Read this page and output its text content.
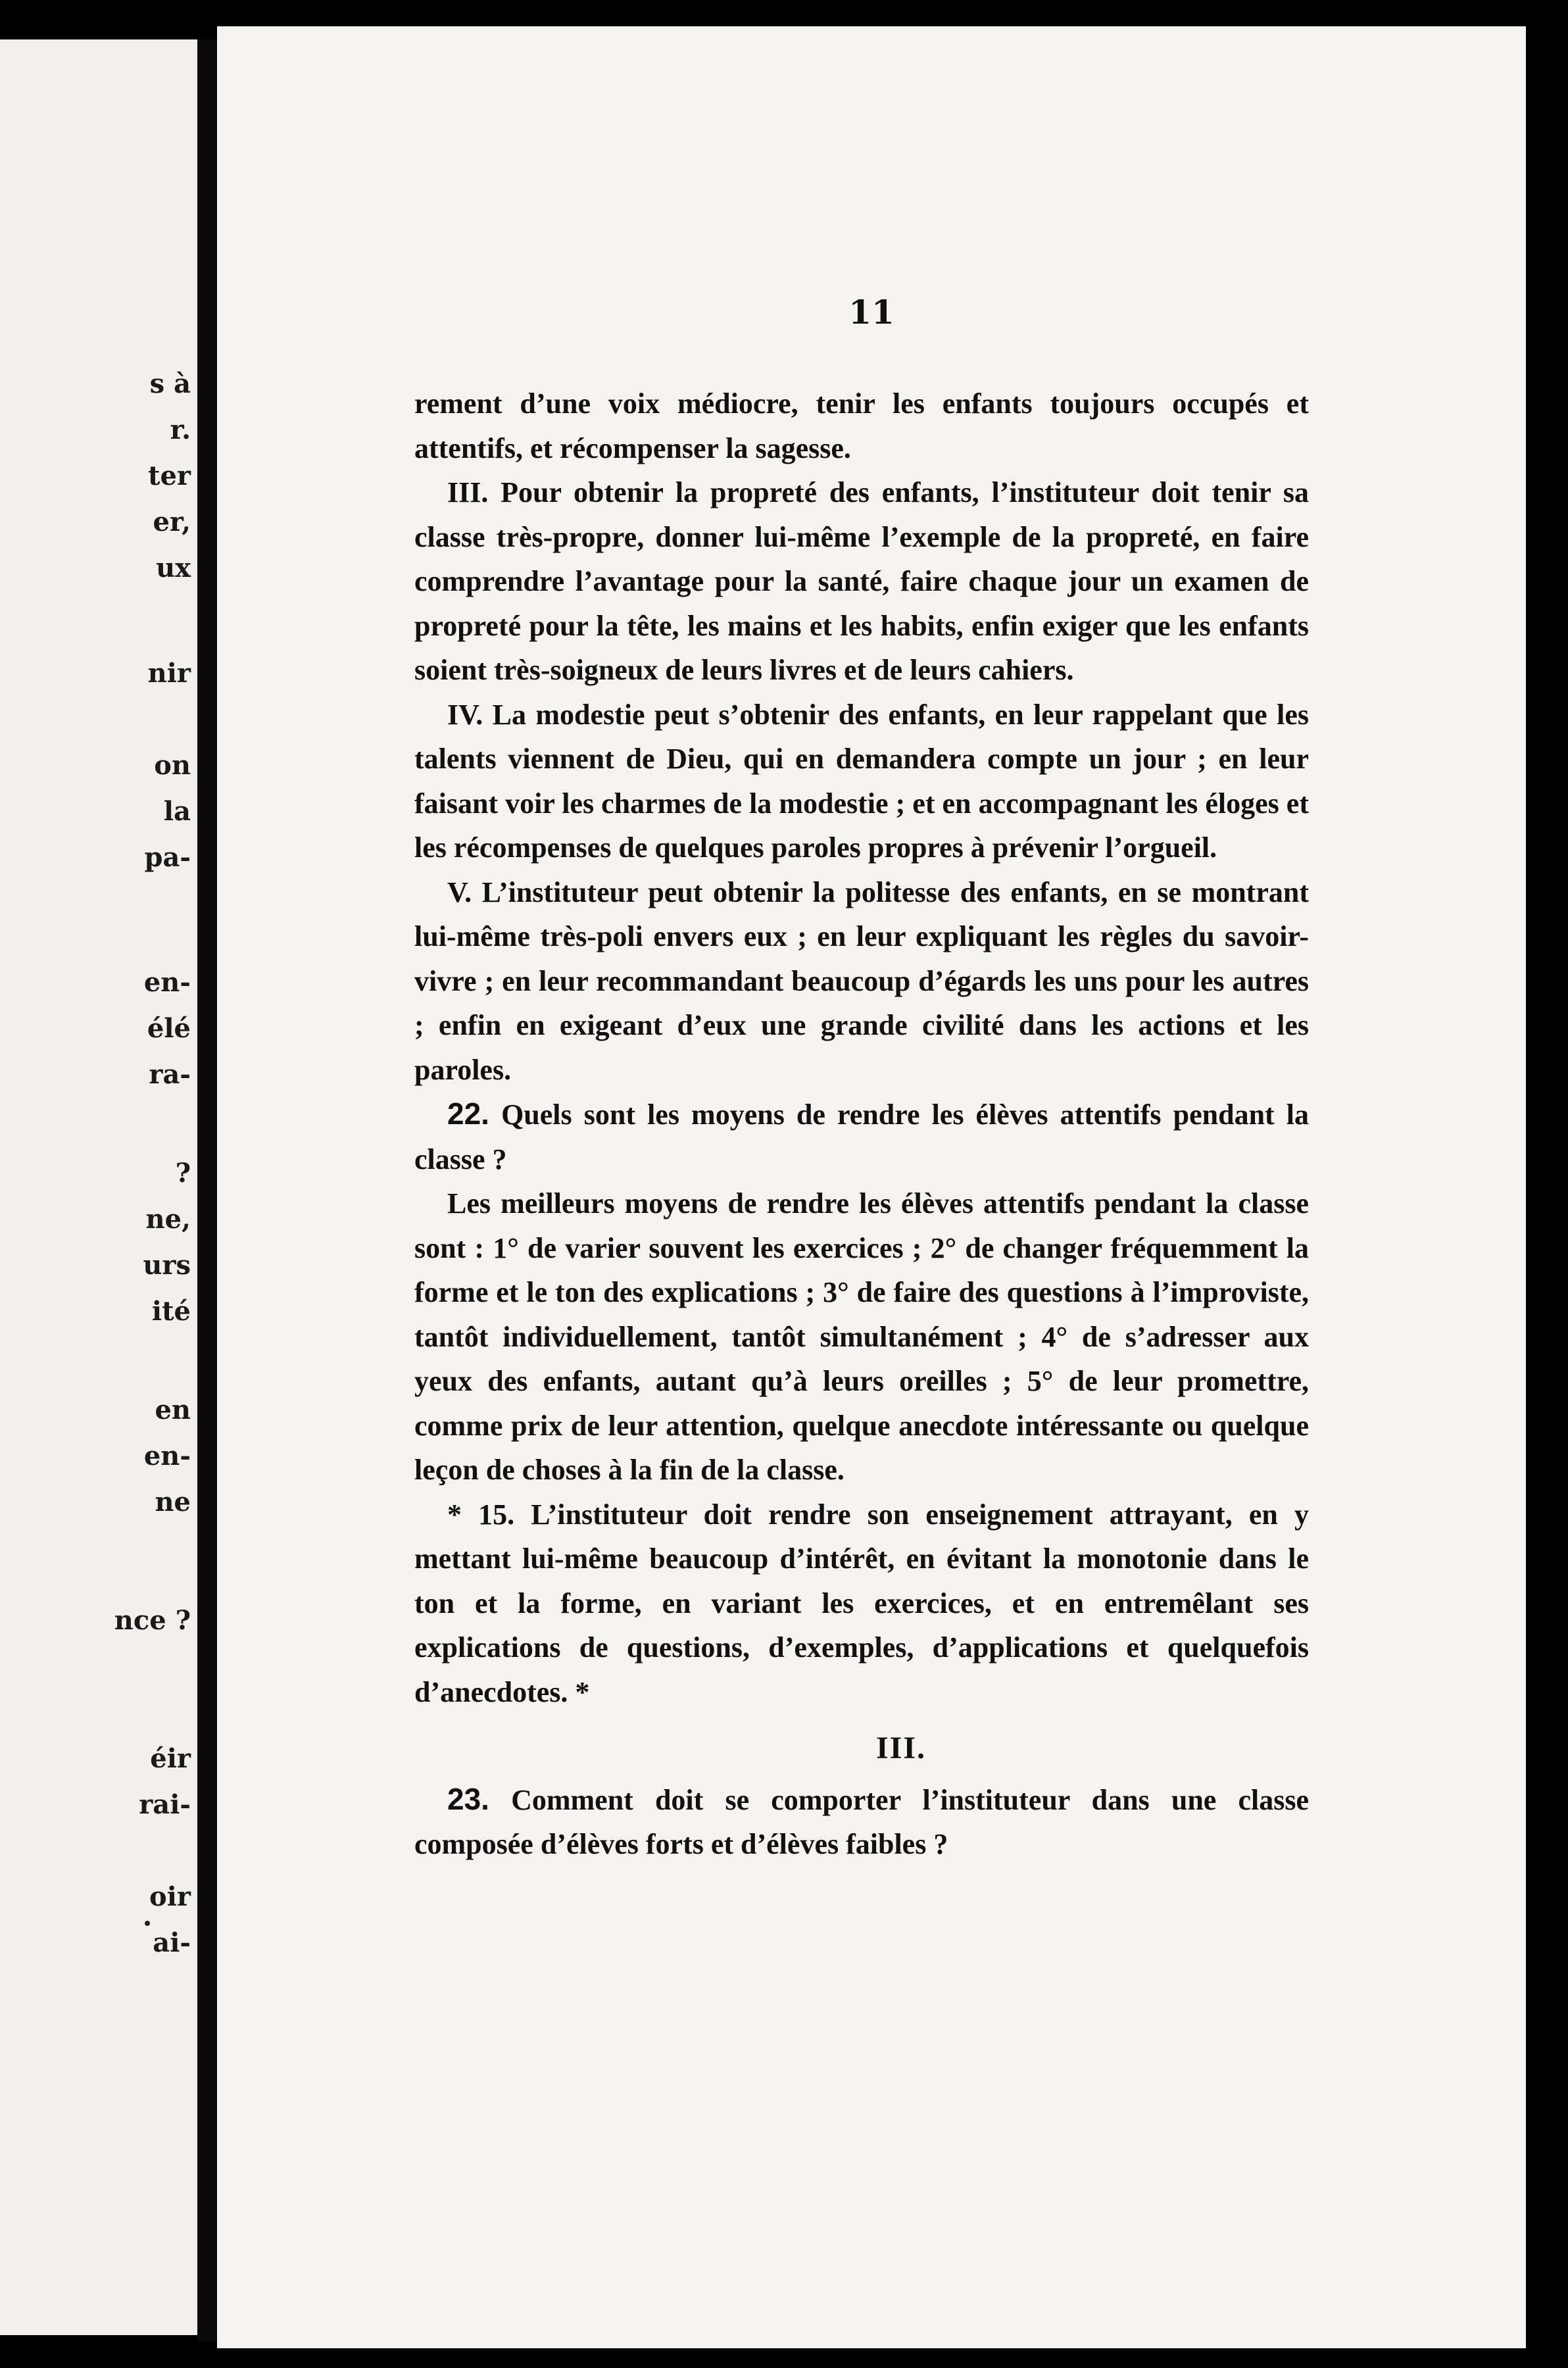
s à
r.
ter
er,
ux
nir
on
la
pa-
en-
élé
ra-
?
ne,
urs
ité
en
en-
ne
nce ?
éir
rai-
oir
ai-
11

rement d’une voix médiocre, tenir les enfants toujours occupés et attentifs, et récompenser la sagesse.

III. Pour obtenir la propreté des enfants, l’instituteur doit tenir sa classe très-propre, donner lui-même l’exemple de la propreté, en faire comprendre l’avantage pour la santé, faire chaque jour un examen de propreté pour la tête, les mains et les habits, enfin exiger que les enfants soient très-soigneux de leurs livres et de leurs cahiers.

IV. La modestie peut s’obtenir des enfants, en leur rappelant que les talents viennent de Dieu, qui en demandera compte un jour ; en leur faisant voir les charmes de la modestie ; et en accompagnant les éloges et les récompenses de quelques paroles propres à prévenir l’orgueil.

V. L’instituteur peut obtenir la politesse des enfants, en se montrant lui-même très-poli envers eux ; en leur expliquant les règles du savoir-vivre ; en leur recommandant beaucoup d’égards les uns pour les autres ; enfin en exigeant d’eux une grande civilité dans les actions et les paroles.

22. Quels sont les moyens de rendre les élèves attentifs pendant la classe ?

Les meilleurs moyens de rendre les élèves attentifs pendant la classe sont : 1° de varier souvent les exercices ; 2° de changer fréquemment la forme et le ton des explications ; 3° de faire des questions à l’improviste, tantôt individuellement, tantôt simultanément ; 4° de s’adresser aux yeux des enfants, autant qu’à leurs oreilles ; 5° de leur promettre, comme prix de leur attention, quelque anecdote intéressante ou quelque leçon de choses à la fin de la classe.

* 15. L’instituteur doit rendre son enseignement attrayant, en y mettant lui-même beaucoup d’intérêt, en évitant la monotonie dans le ton et la forme, en variant les exercices, et en entremêlant ses explications de questions, d’exemples, d’applications et quelquefois d’anecdotes. *

III.

23. Comment doit se comporter l’instituteur dans une classe composée d’élèves forts et d’élèves faibles ?
